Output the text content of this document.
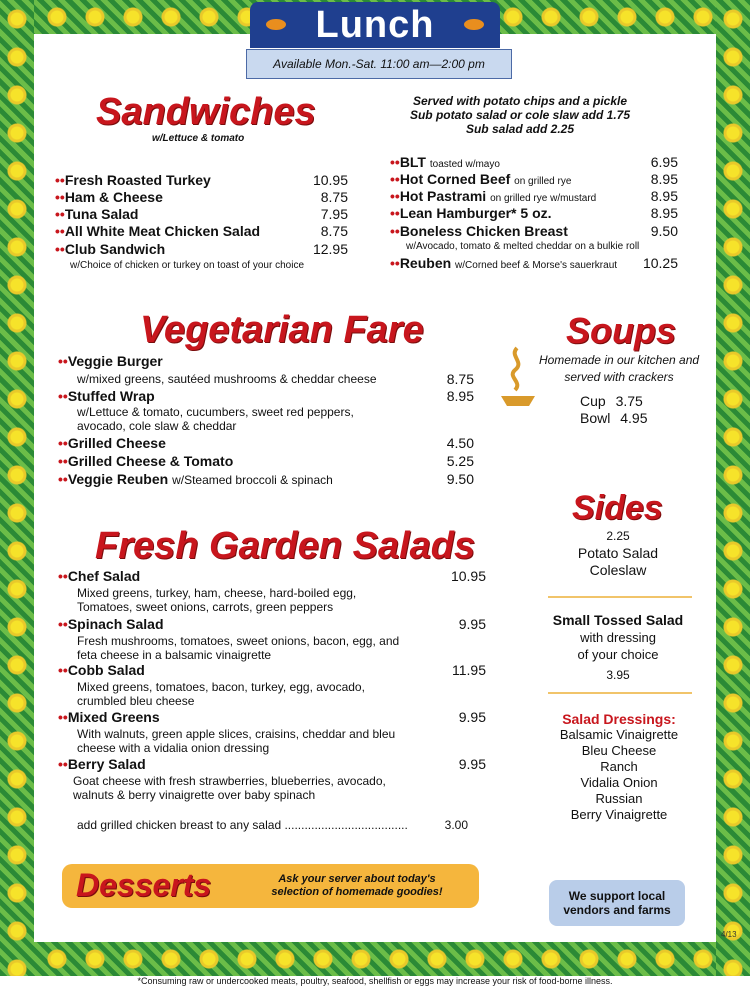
Lunch
Available Mon.-Sat. 11:00 am—2:00 pm
Sandwiches
w/Lettuce & tomato
Served with potato chips and a pickle
Sub potato salad or cole slaw add 1.75
Sub salad add 2.25
••Fresh Roasted Turkey	10.95
••Ham & Cheese	8.75
••Tuna Salad	7.95
••All White Meat Chicken Salad	8.75
••Club Sandwich	12.95
w/Choice of chicken or turkey on toast of your choice
••BLT toasted w/mayo	6.95
••Hot Corned Beef on grilled rye	8.95
••Hot Pastrami on grilled rye w/mustard	8.95
••Lean Hamburger* 5 oz.	8.95
••Boneless Chicken Breast	9.50
w/Avocado, tomato & melted cheddar on a bulkie roll
••Reuben w/Corned beef & Morse's sauerkraut 10.25
Vegetarian Fare
••Veggie Burger
w/mixed greens, sautéed mushrooms & cheddar cheese	8.75
••Stuffed Wrap	8.95
w/Lettuce & tomato, cucumbers, sweet red peppers, avocado, cole slaw & cheddar
••Grilled Cheese	4.50
••Grilled Cheese & Tomato	5.25
••Veggie Reuben w/Steamed broccoli & spinach	9.50
Soups
Homemade in our kitchen and served with crackers
Cup 3.75
Bowl 4.95
Fresh Garden Salads
••Chef Salad	10.95
Mixed greens, turkey, ham, cheese, hard-boiled egg, Tomatoes, sweet onions, carrots, green peppers
••Spinach Salad	9.95
Fresh mushrooms, tomatoes, sweet onions, bacon, egg, and feta cheese in a balsamic vinaigrette
••Cobb Salad	11.95
Mixed greens, tomatoes, bacon, turkey, egg, avocado, crumbled bleu cheese
••Mixed Greens	9.95
With walnuts, green apple slices, craisins, cheddar and bleu cheese with a vidalia onion dressing
••Berry Salad	9.95
Goat cheese with fresh strawberries, blueberries, avocado, walnuts & berry vinaigrette over baby spinach
add grilled chicken breast to any salad .....................................	3.00
Sides
2.25
Potato Salad
Coleslaw
Small Tossed Salad
with dressing
of your choice
3.95
Salad Dressings:
Balsamic Vinaigrette
Bleu Cheese
Ranch
Vidalia Onion
Russian
Berry Vinaigrette
Desserts	Ask your server about today's
selection of homemade goodies!	We support local
vendors and farms
4/13
*Consuming raw or undercooked meats, poultry, seafood, shellfish or eggs may increase your risk of food-borne illness.
